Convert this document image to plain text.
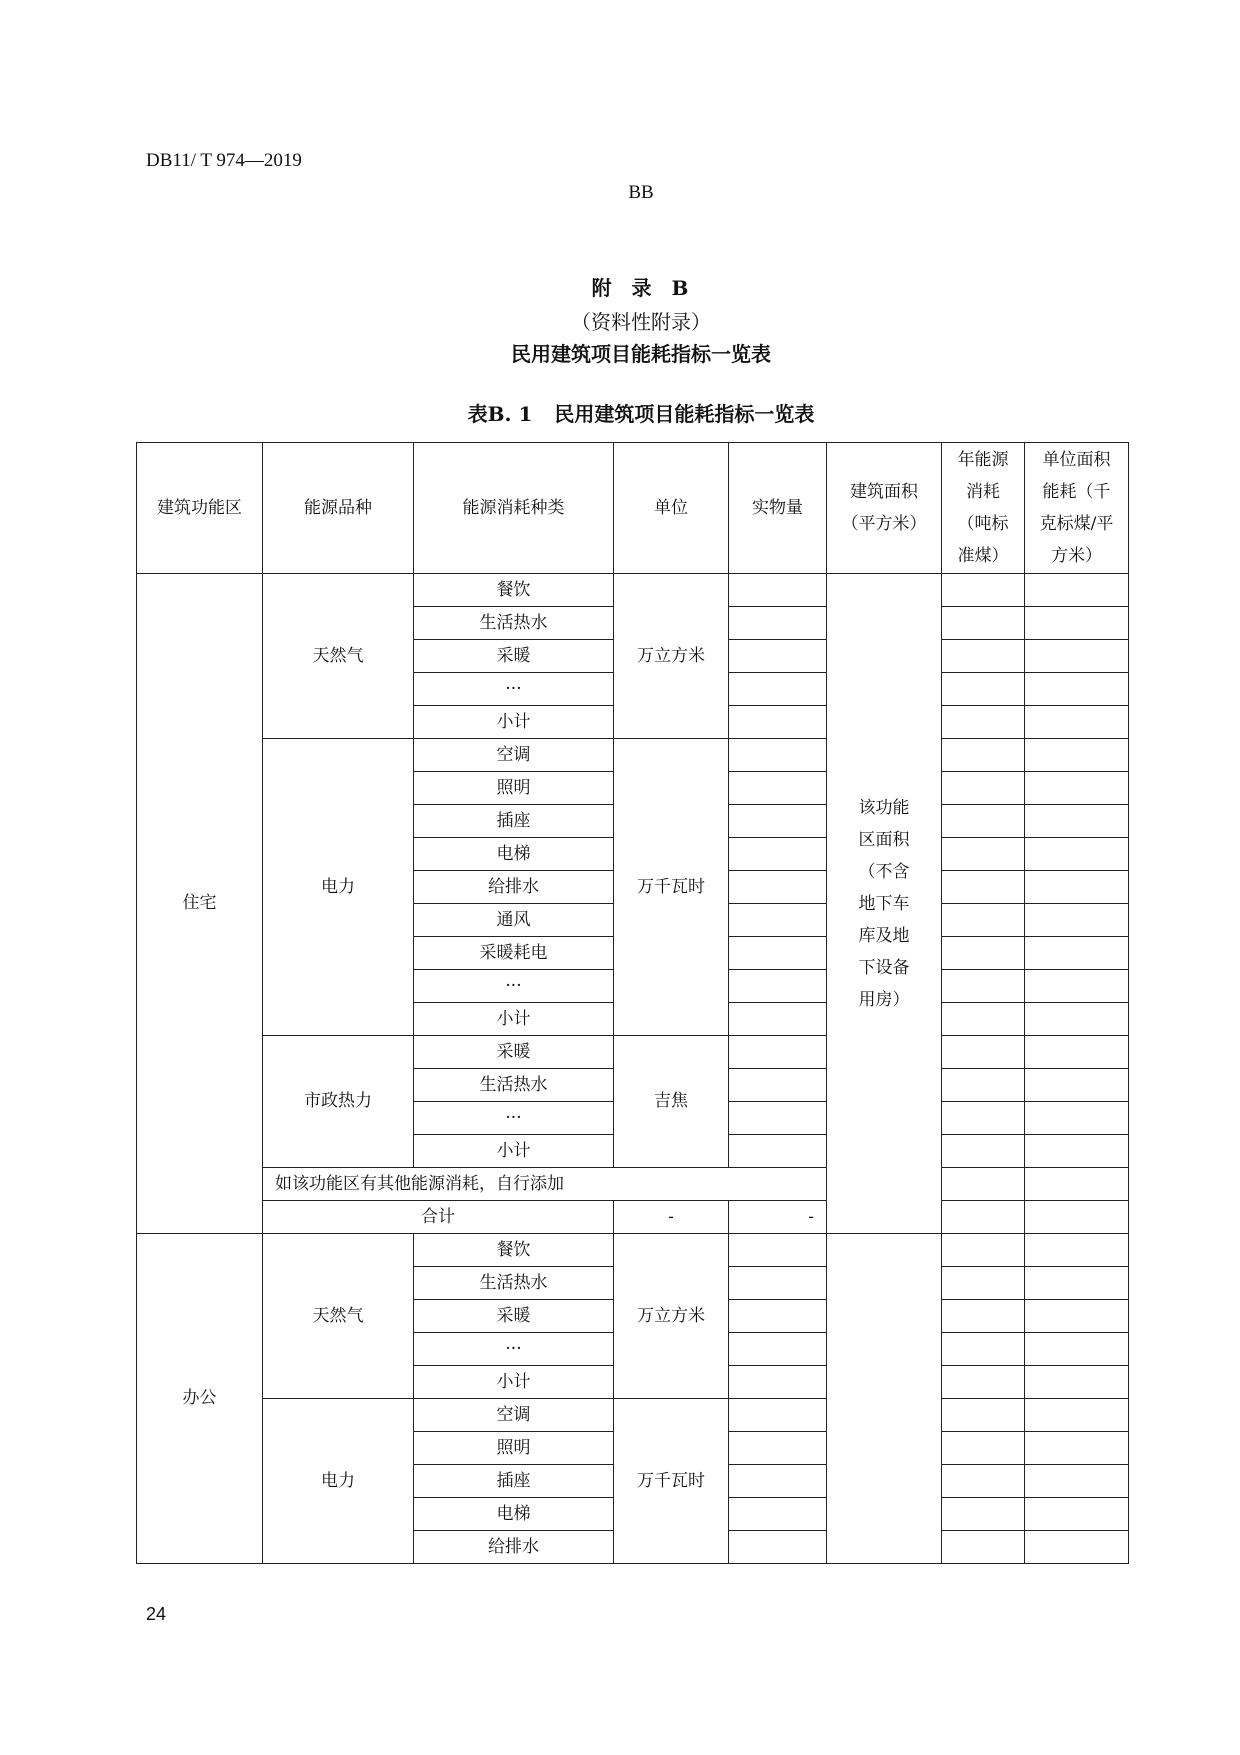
DB11/ T 974—2019
BB
附  录  B
（资料性附录）
民用建筑项目能耗指标一览表
表B. 1 民用建筑项目能耗指标一览表
建筑功能区	能源品种	能源消耗种类	单位	实物量	建筑面积（平方米）	年能源消耗（吨标准煤）	单位面积能耗（千克标煤/平方米）
住宅	天然气	餐饮	万立方米		该功能区面积（不含地下车库及地下设备用房）		
		生活热水					
		采暖					
		···					
		小计					
	电力	空调	万千瓦时				
		照明					
		插座					
		电梯					
		给排水					
		通风					
		采暖耗电					
		···					
		小计					
	市政热力	采暖	吉焦				
		生活热水					
		···					
		小计					
	如该功能区有其他能源消耗，自行添加						
	合计		-	-			
办公	天然气	餐饮	万立方米				
		生活热水					
		采暖					
		···					
		小计					
	电力	空调	万千瓦时				
		照明					
		插座					
		电梯					
		给排水					
24
